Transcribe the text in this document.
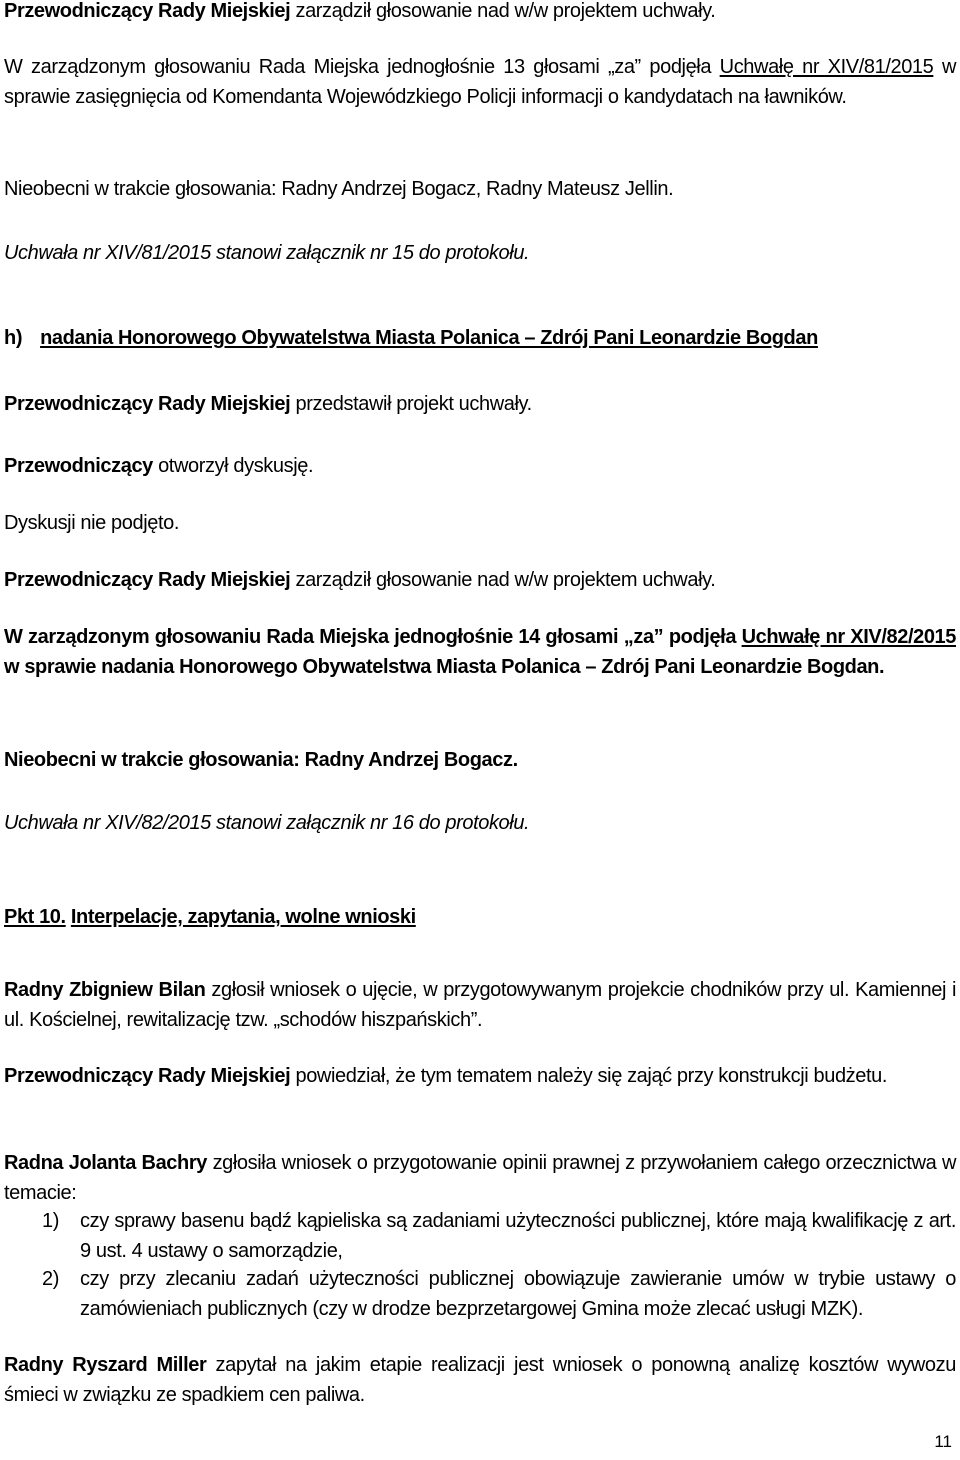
Przewodniczący Rady Miejskiej zarządził głosowanie nad w/w projektem uchwały.
W zarządzonym głosowaniu Rada Miejska jednogłośnie 13 głosami „za” podjęła Uchwałę nr XIV/81/2015 w sprawie zasięgnięcia od Komendanta Wojewódzkiego Policji informacji o kandydatach na ławników.
Nieobecni w trakcie głosowania: Radny Andrzej Bogacz, Radny Mateusz Jellin.
Uchwała nr XIV/81/2015 stanowi załącznik nr 15 do protokołu.
h) nadania Honorowego Obywatelstwa Miasta Polanica – Zdrój Pani Leonardzie Bogdan
Przewodniczący Rady Miejskiej przedstawił projekt uchwały.
Przewodniczący otworzył dyskusję.
Dyskusji nie podjęto.
Przewodniczący Rady Miejskiej zarządził głosowanie nad w/w projektem uchwały.
W zarządzonym głosowaniu Rada Miejska jednogłośnie 14 głosami „za” podjęła Uchwałę nr XIV/82/2015 w sprawie nadania Honorowego Obywatelstwa Miasta Polanica – Zdrój Pani Leonardzie Bogdan.
Nieobecni w trakcie głosowania: Radny Andrzej Bogacz.
Uchwała nr XIV/82/2015 stanowi załącznik nr 16 do protokołu.
Pkt 10. Interpelacje, zapytania, wolne wnioski
Radny Zbigniew Bilan zgłosił wniosek o ujęcie, w przygotowywanym projekcie chodników przy ul. Kamiennej i ul. Kościelnej, rewitalizację tzw. „schodów hiszpańskich”.
Przewodniczący Rady Miejskiej powiedział, że tym tematem należy się zająć przy konstrukcji budżetu.
Radna Jolanta Bachry zgłosiła wniosek o przygotowanie opinii prawnej z przywołaniem całego orzecznictwa w temacie:
1) czy sprawy basenu bądź kąpieliska są zadaniami użyteczności publicznej, które mają kwalifikację z art. 9 ust. 4 ustawy o samorządzie,
2) czy przy zlecaniu zadań użyteczności publicznej obowiązuje zawieranie umów w trybie ustawy o zamówieniach publicznych (czy w drodze bezprzetargowej Gmina może zlecać usługi MZK).
Radny Ryszard Miller zapytał na jakim etapie realizacji jest wniosek o ponowną analizę kosztów wywozu śmieci w związku ze spadkiem cen paliwa.
11
